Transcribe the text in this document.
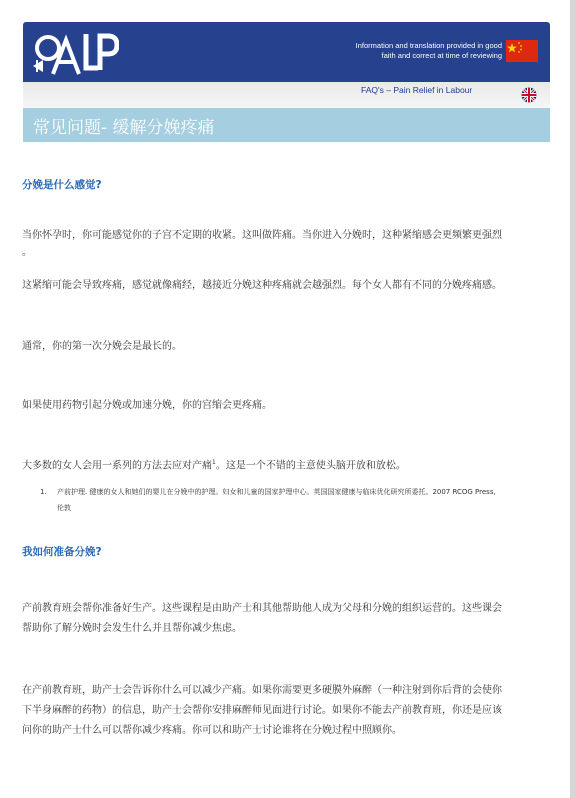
Information and translation provided in good
faith and correct at time of reviewing
FAQ's – Pain Relief in Labour
常见问题- 缓解分娩疼痛
分娩是什么感觉?

当你怀孕时，你可能感觉你的子宫不定期的收紧。这叫做阵痛。当你进入分娩时，这种紧缩感会更频繁更强烈
。

这紧缩可能会导致疼痛，感觉就像痛经，越接近分娩这种疼痛就会越强烈。每个女人都有不同的分娩疼痛感。

通常，你的第一次分娩会是最长的。

如果使用药物引起分娩或加速分娩，你的宫缩会更疼痛。

大多数的女人会用一系列的方法去应对产痛$^1$。这是一个不错的主意使头脑开放和放松。

1. 产前护理. 健康的女人和她们的婴儿在分娩中的护理。妇女和儿童的国家护理中心。英国国家健康与临床优化研究所委托。2007 RCOG Press,
伦敦
我如何准备分娩?

产前教育班会帮你准备好生产。这些课程是由助产士和其他帮助他人成为父母和分娩的组织运营的。这些课会
帮助你了解分娩时会发生什么并且帮你减少焦虑。

在产前教育班，助产士会告诉你什么可以减少产痛。如果你需要更多硬膜外麻醉（一种注射到你后背的会使你
下半身麻醉的药物）的信息，助产士会帮你安排麻醉师见面进行讨论。如果你不能去产前教育班，你还是应该
问你的助产士什么可以帮你减少疼痛。你可以和助产士讨论谁将在分娩过程中照顾你。
